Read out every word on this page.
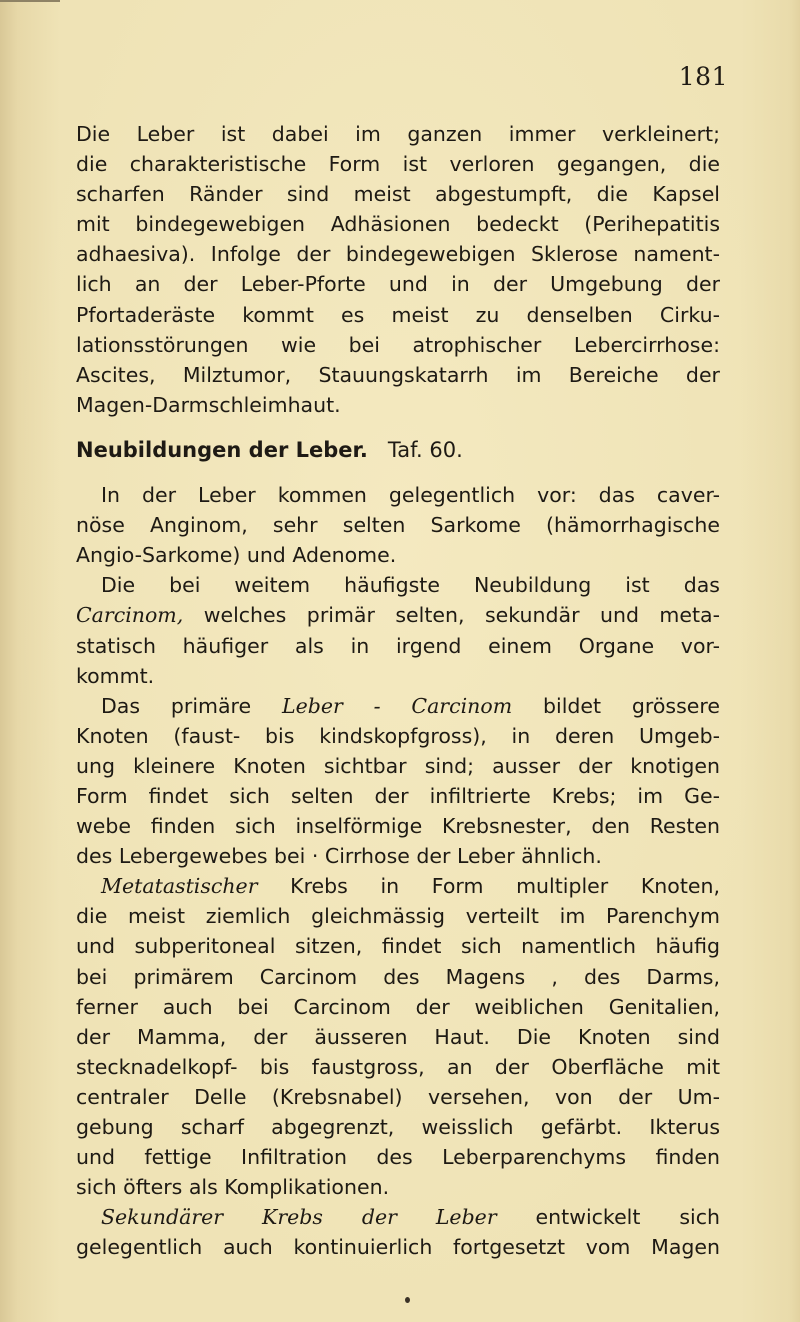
181

Die Leber ist dabei im ganzen immer verkleinert;
die charakteristische Form ist verloren gegangen, die
scharfen Ränder sind meist abgestumpft, die Kapsel
mit bindegewebigen Adhäsionen bedeckt (Perihepatitis
adhaesiva). Infolge der bindegewebigen Sklerose nament-
lich an der Leber-Pforte und in der Umgebung der
Pfortaderäste kommt es meist zu denselben Cirku-
lationsstörungen wie bei atrophischer Lebercirrhose:
Ascites, Milztumor, Stauungskatarrh im Bereiche der
Magen-Darmschleimhaut.
Neubildungen der Leber. Taf. 60.
In der Leber kommen gelegentlich vor: das caver-
nöse Anginom, sehr selten Sarkome (hämorrhagische
Angio-Sarkome) und Adenome.
Die bei weitem häufigste Neubildung ist das
Carcinom, welches primär selten, sekundär und meta-
statisch häufiger als in irgend einem Organe vor-
kommt.
Das primäre Leber - Carcinom bildet grössere
Knoten (faust- bis kindskopfgross), in deren Umgeb-
ung kleinere Knoten sichtbar sind; ausser der knotigen
Form findet sich selten der infiltrierte Krebs; im Ge-
webe finden sich inselförmige Krebsnester, den Resten
des Lebergewebes bei · Cirrhose der Leber ähnlich.
Metatastischer Krebs in Form multipler Knoten,
die meist ziemlich gleichmässig verteilt im Parenchym
und subperitoneal sitzen, findet sich namentlich häufig
bei primärem Carcinom des Magens , des Darms,
ferner auch bei Carcinom der weiblichen Genitalien,
der Mamma, der äusseren Haut. Die Knoten sind
stecknadelkopf- bis faustgross, an der Oberfläche mit
centraler Delle (Krebsnabel) versehen, von der Um-
gebung scharf abgegrenzt, weisslich gefärbt. Ikterus
und fettige Infiltration des Leberparenchyms finden
sich öfters als Komplikationen.
Sekundärer Krebs der Leber entwickelt sich
gelegentlich auch kontinuierlich fortgesetzt vom Magen
